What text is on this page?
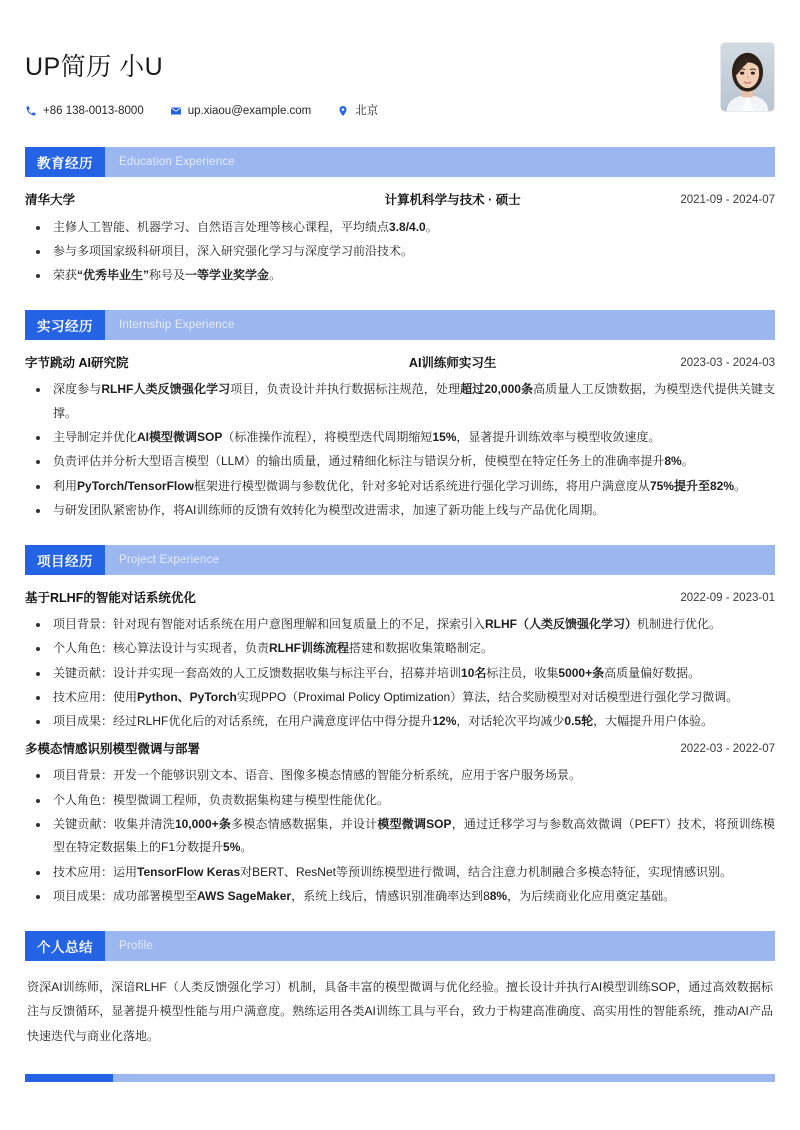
UP简历 小U
+86 138-0013-8000	up.xiaou@example.com	北京
教育经历	Education Experience
清华大学	计算机科学与技术 · 硕士	2021-09 - 2024-07
主修人工智能、机器学习、自然语言处理等核心课程，平均绩点3.8/4.0。
参与多项国家级科研项目，深入研究强化学习与深度学习前沿技术。
荣获“优秀毕业生”称号及一等学业奖学金。
实习经历	Internship Experience
字节跳动 AI研究院	AI训练师实习生	2023-03 - 2024-03
深度参与RLHF人类反馈强化学习项目，负责设计并执行数据标注规范，处理超过20,000条高质量人工反馈数据，为模型迭代提供关键支撑。
主导制定并优化AI模型微调SOP（标准操作流程），将模型迭代周期缩短15%，显著提升训练效率与模型收敛速度。
负责评估并分析大型语言模型（LLM）的输出质量，通过精细化标注与错误分析，使模型在特定任务上的准确率提升8%。
利用PyTorch/TensorFlow框架进行模型微调与参数优化，针对多轮对话系统进行强化学习训练，将用户满意度从75%提升至82%。
与研发团队紧密协作，将AI训练师的反馈有效转化为模型改进需求，加速了新功能上线与产品优化周期。
项目经历	Project Experience
基于RLHF的智能对话系统优化	2022-09 - 2023-01
项目背景：针对现有智能对话系统在用户意图理解和回复质量上的不足，探索引入RLHF（人类反馈强化学习）机制进行优化。
个人角色：核心算法设计与实现者，负责RLHF训练流程搭建和数据收集策略制定。
关键贡献：设计并实现一套高效的人工反馈数据收集与标注平台，招募并培训10名标注员，收集5000+条高质量偏好数据。
技术应用：使用Python、PyTorch实现PPO（Proximal Policy Optimization）算法，结合奖励模型对对话模型进行强化学习微调。
项目成果：经过RLHF优化后的对话系统，在用户满意度评估中得分提升12%，对话轮次平均减少0.5轮，大幅提升用户体验。
多模态情感识别模型微调与部署	2022-03 - 2022-07
项目背景：开发一个能够识别文本、语音、图像多模态情感的智能分析系统，应用于客户服务场景。
个人角色：模型微调工程师，负责数据集构建与模型性能优化。
关键贡献：收集并清洗10,000+条多模态情感数据集，并设计模型微调SOP，通过迁移学习与参数高效微调（PEFT）技术，将预训练模型在特定数据集上的F1分数提升5%。
技术应用：运用TensorFlow Keras对BERT、ResNet等预训练模型进行微调，结合注意力机制融合多模态特征，实现情感识别。
项目成果：成功部署模型至AWS SageMaker，系统上线后，情感识别准确率达到88%，为后续商业化应用奠定基础。
个人总结	Profile
资深AI训练师，深谙RLHF（人类反馈强化学习）机制，具备丰富的模型微调与优化经验。擅长设计并执行AI模型训练SOP，通过高效数据标注与反馈循环，显著提升模型性能与用户满意度。熟练运用各类AI训练工具与平台，致力于构建高准确度、高实用性的智能系统，推动AI产品快速迭代与商业化落地。
